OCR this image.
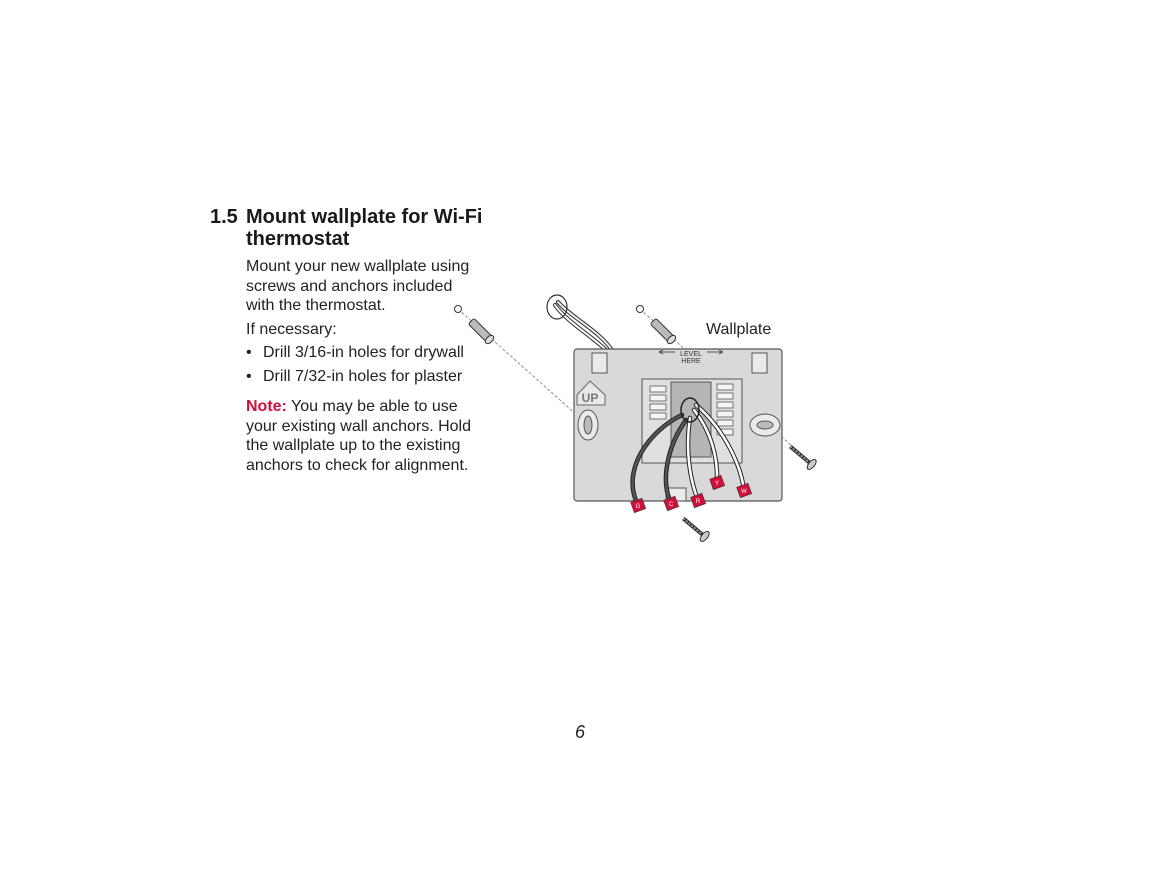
1.5 Mount wallplate for Wi-Fi thermostat
Mount your new wallplate using screws and anchors included with the thermostat.
If necessary:
• Drill 3/16-in holes for drywall
• Drill 7/32-in holes for plaster
Note: You may be able to use your existing wall anchors. Hold the wallplate up to the existing anchors to check for alignment.
LEVEL
HERE
UP
G	C	R
Y
W
Wallplate
6
